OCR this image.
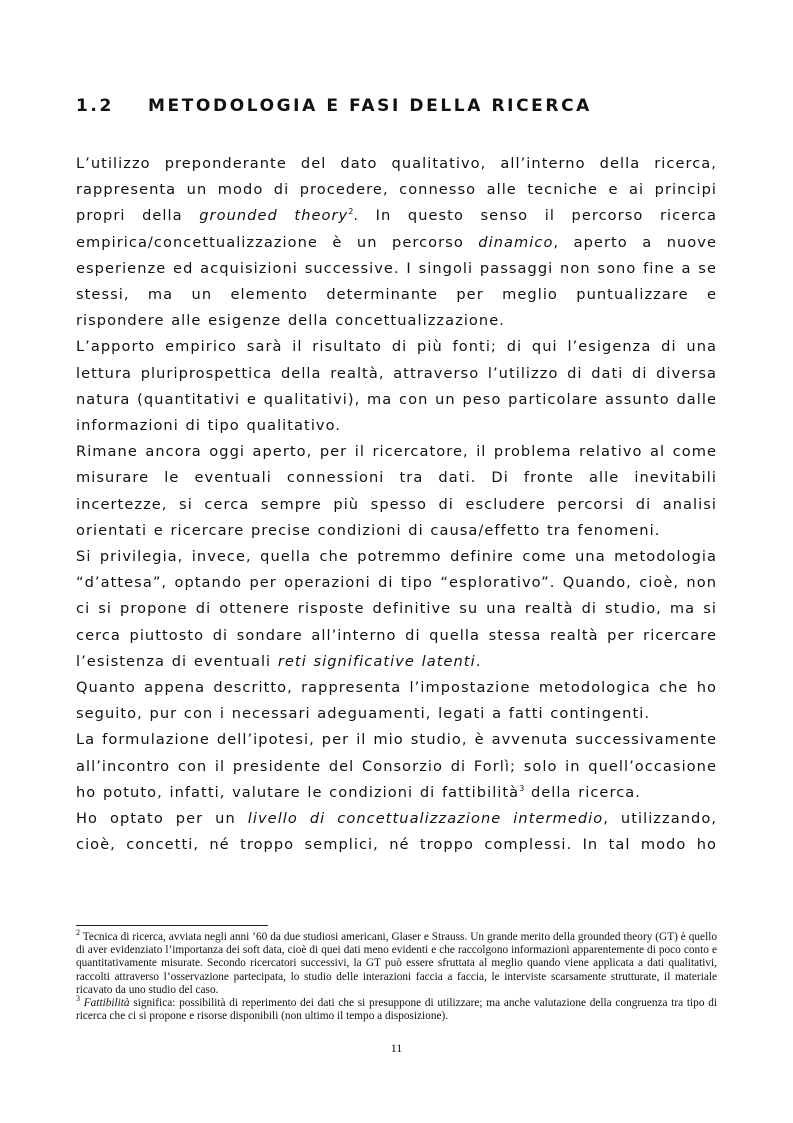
1.2 METODOLOGIA E FASI DELLA RICERCA

L’utilizzo preponderante del dato qualitativo, all’interno della ricerca, rappresenta un modo di procedere, connesso alle tecniche e ai principi propri della grounded theory$^2$. In questo senso il percorso ricerca empirica/concettualizzazione è un percorso dinamico, aperto a nuove esperienze ed acquisizioni successive. I singoli passaggi non sono fine a se stessi, ma un elemento determinante per meglio puntualizzare e rispondere alle esigenze della concettualizzazione.

L’apporto empirico sarà il risultato di più fonti; di qui l’esigenza di una lettura pluriprospettica della realtà, attraverso l’utilizzo di dati di diversa natura (quantitativi e qualitativi), ma con un peso particolare assunto dalle informazioni di tipo qualitativo.

Rimane ancora oggi aperto, per il ricercatore, il problema relativo al come misurare le eventuali connessioni tra dati. Di fronte alle inevitabili incertezze, si cerca sempre più spesso di escludere percorsi di analisi orientati e ricercare precise condizioni di causa/effetto tra fenomeni.

Si privilegia, invece, quella che potremmo definire come una metodologia “d’attesa”, optando per operazioni di tipo “esplorativo”. Quando, cioè, non ci si propone di ottenere risposte definitive su una realtà di studio, ma si cerca piuttosto di sondare all’interno di quella stessa realtà per ricercare l’esistenza di eventuali reti significative latenti.

Quanto appena descritto, rappresenta l’impostazione metodologica che ho seguito, pur con i necessari adeguamenti, legati a fatti contingenti.

La formulazione dell’ipotesi, per il mio studio, è avvenuta successivamente all’incontro con il presidente del Consorzio di Forlì; solo in quell’occasione ho potuto, infatti, valutare le condizioni di fattibilità$^3$ della ricerca.

Ho optato per un livello di concettualizzazione intermedio, utilizzando, cioè, concetti, né troppo semplici, né troppo complessi. In tal modo ho

$^2$ Tecnica di ricerca, avviata negli anni ’60 da due studiosi americani, Glaser e Strauss. Un grande merito della grounded theory (GT) è quello di aver evidenziato l’importanza dei soft data, cioè di quei dati meno evidenti e che raccolgono informazioni apparentemente di poco conto e quantitativamente misurate. Secondo ricercatori successivi, la GT può essere sfruttata al meglio quando viene applicata a dati qualitativi, raccolti attraverso l’osservazione partecipata, lo studio delle interazioni faccia a faccia, le interviste scarsamente strutturate, il materiale ricavato da uno studio del caso.

$^3$ Fattibilità significa: possibilità di reperimento dei dati che si presuppone di utilizzare; ma anche valutazione della congruenza tra tipo di ricerca che ci si propone e risorse disponibili (non ultimo il tempo a disposizione).

11
